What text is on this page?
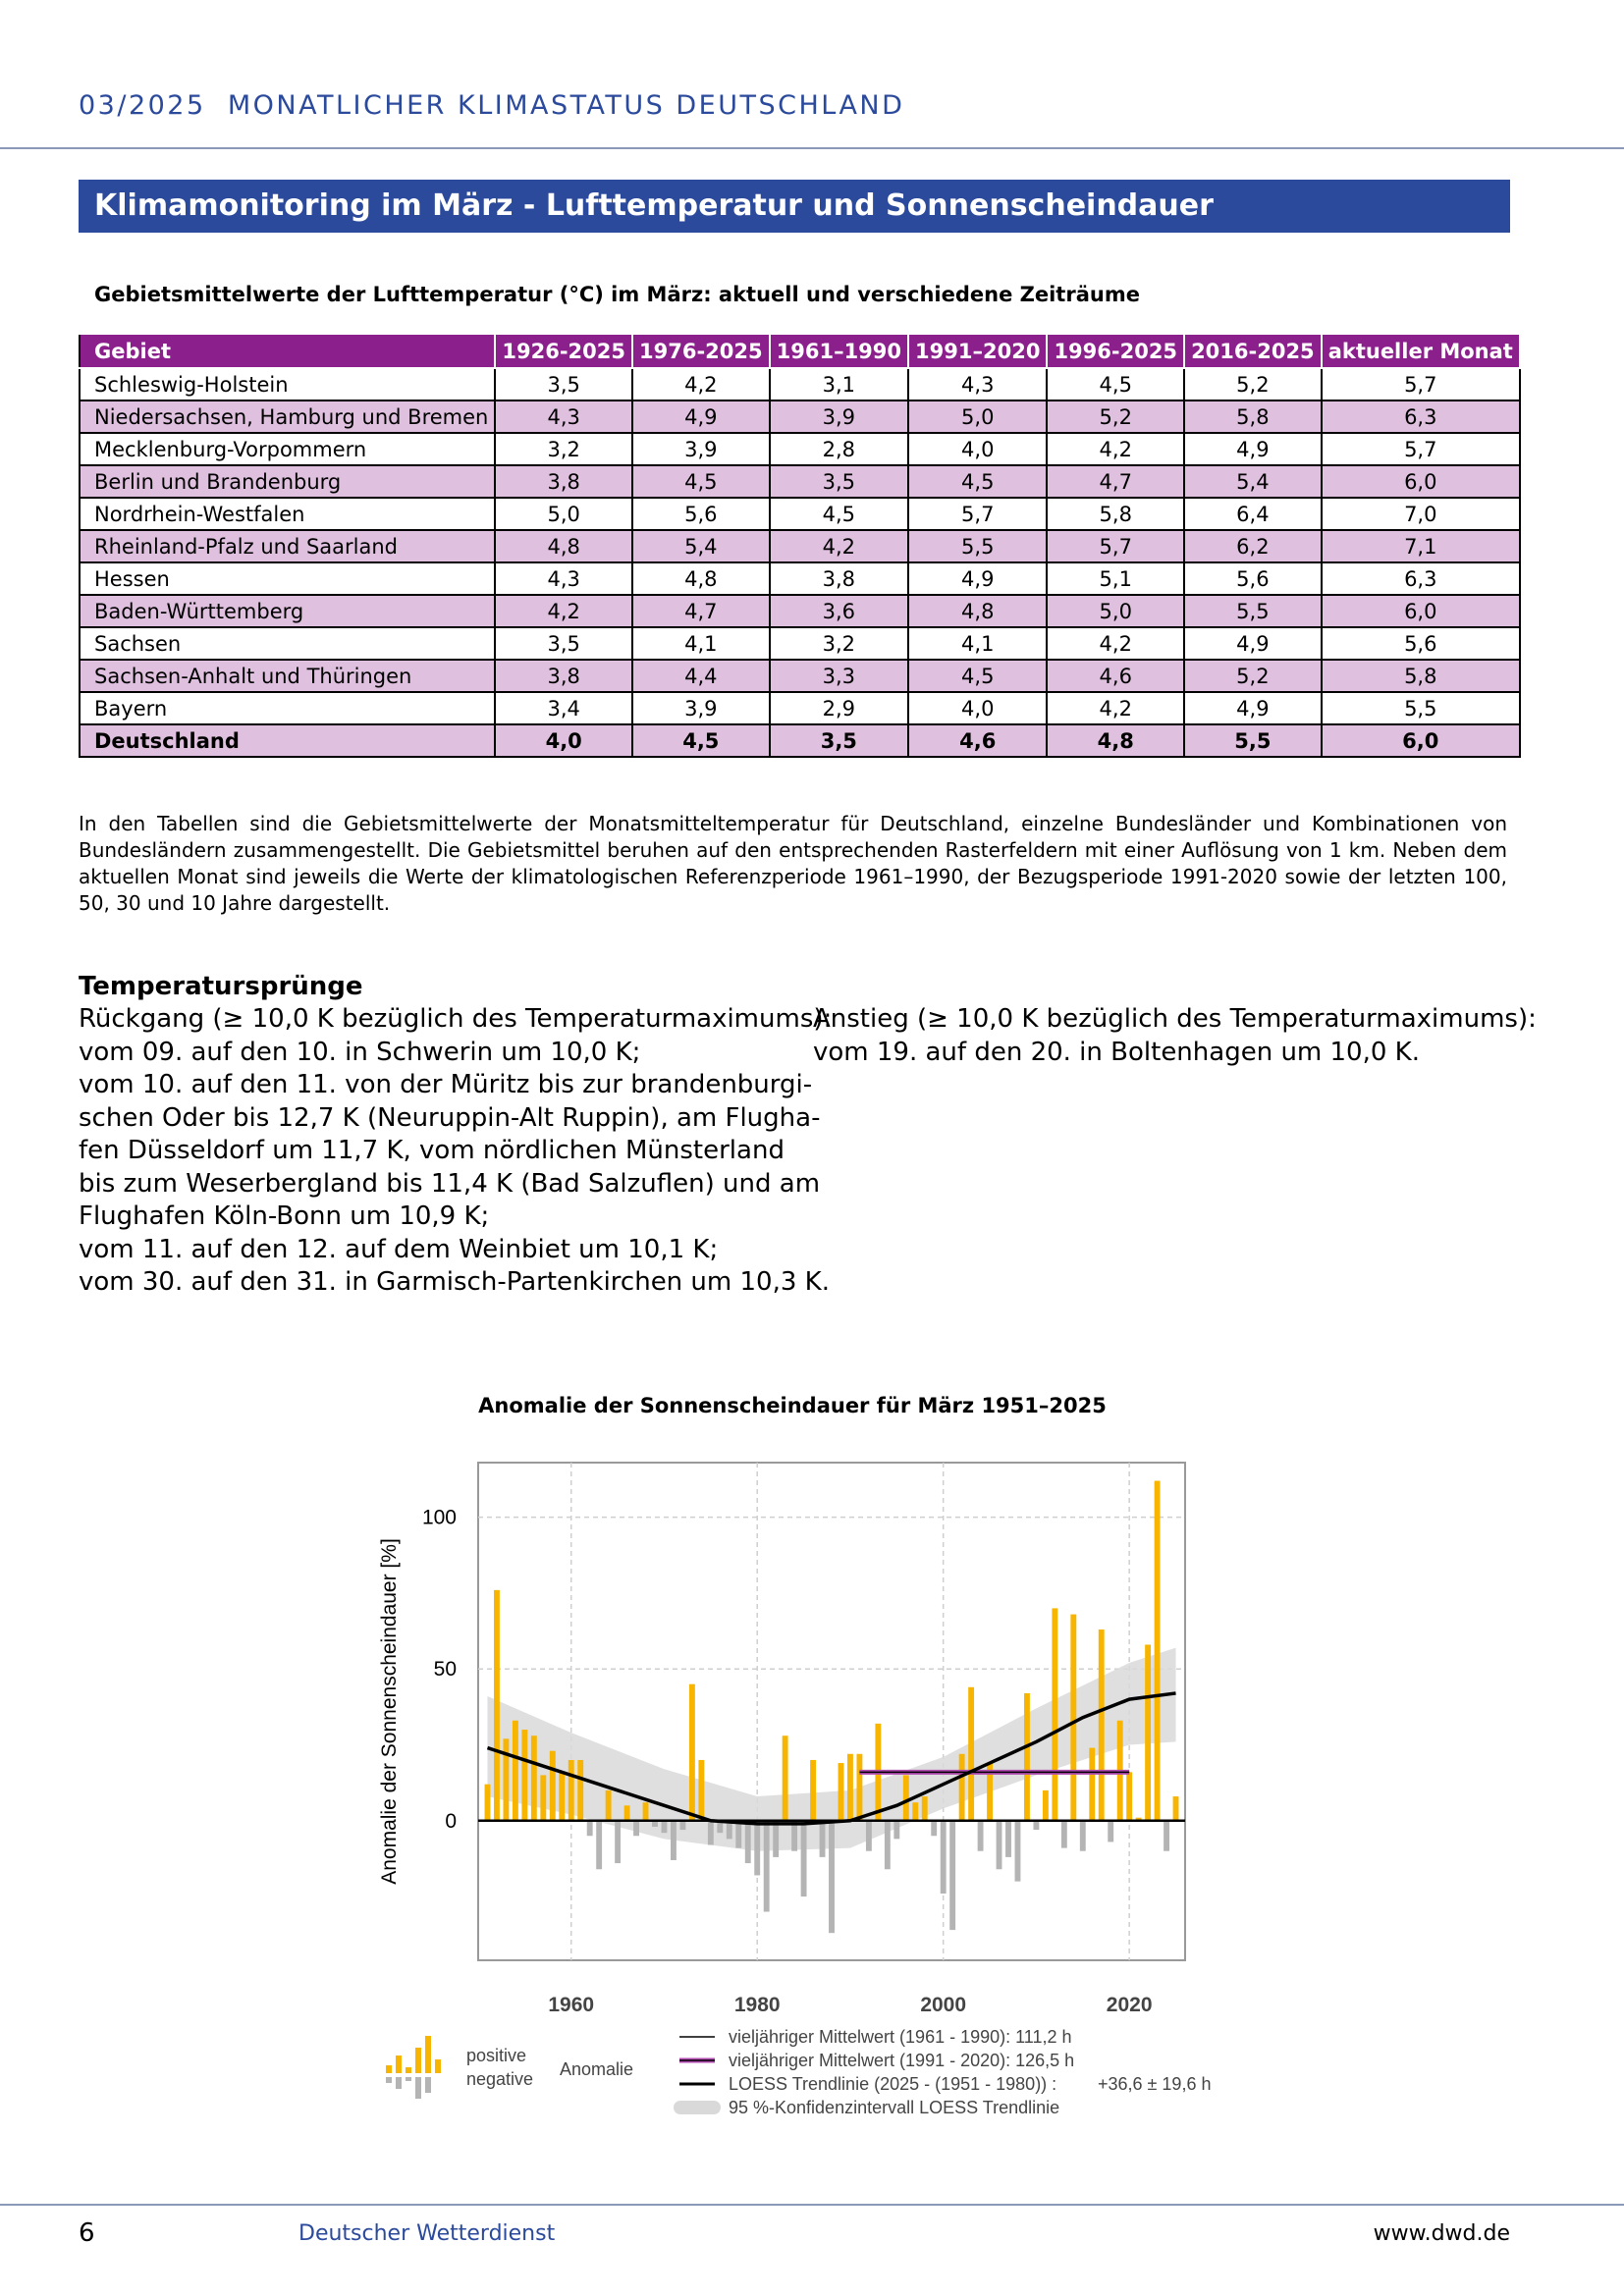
03/2025 MONATLICHER KLIMASTATUS DEUTSCHLAND
Klimamonitoring im März - Lufttemperatur und Sonnenscheindauer
Gebietsmittelwerte der Lufttemperatur (°C) im März: aktuell und verschiedene Zeiträume
Gebiet	1926-2025	1976-2025	1961–1990	1991–2020	1996-2025	2016-2025	aktueller Monat
Schleswig-Holstein	3,5	4,2	3,1	4,3	4,5	5,2	5,7
Niedersachsen, Hamburg und Bremen	4,3	4,9	3,9	5,0	5,2	5,8	6,3
Mecklenburg-Vorpommern	3,2	3,9	2,8	4,0	4,2	4,9	5,7
Berlin und Brandenburg	3,8	4,5	3,5	4,5	4,7	5,4	6,0
Nordrhein-Westfalen	5,0	5,6	4,5	5,7	5,8	6,4	7,0
Rheinland-Pfalz und Saarland	4,8	5,4	4,2	5,5	5,7	6,2	7,1
Hessen	4,3	4,8	3,8	4,9	5,1	5,6	6,3
Baden-Württemberg	4,2	4,7	3,6	4,8	5,0	5,5	6,0
Sachsen	3,5	4,1	3,2	4,1	4,2	4,9	5,6
Sachsen-Anhalt und Thüringen	3,8	4,4	3,3	4,5	4,6	5,2	5,8
Bayern	3,4	3,9	2,9	4,0	4,2	4,9	5,5
Deutschland	4,0	4,5	3,5	4,6	4,8	5,5	6,0
In den Tabellen sind die Gebietsmittelwerte der Monatsmitteltemperatur für Deutschland, einzelne Bundesländer und Kombinationen von Bundesländern zusammengestellt. Die Gebietsmittel beruhen auf den entsprechenden Rasterfeldern mit einer Auflösung von 1 km. Neben dem aktuellen Monat sind jeweils die Werte der klimatologischen Referenzperiode 1961–1990, der Bezugsperiode 1991-2020 sowie der letzten 100, 50, 30 und 10 Jahre dargestellt.
Temperatursprünge
Rückgang (≥ 10,0 K bezüglich des Temperaturmaximums):
vom 09. auf den 10. in Schwerin um 10,0 K;
vom 10. auf den 11. von der Müritz bis zur brandenburgi-
schen Oder bis 12,7 K (Neuruppin-Alt Ruppin), am Flugha-
fen Düsseldorf um 11,7 K, vom nördlichen Münsterland
bis zum Weserbergland bis 11,4 K (Bad Salzuflen) und am
Flughafen Köln-Bonn um 10,9 K;
vom 11. auf den 12. auf dem Weinbiet um 10,1 K;
vom 30. auf den 31. in Garmisch-Partenkirchen um 10,3 K.
Anstieg (≥ 10,0 K bezüglich des Temperaturmaximums):
vom 19. auf den 20. in Boltenhagen um 10,0 K.
Anomalie der Sonnenscheindauer für März 1951–2025
0
50
100
1960	1980	2000	2020
Anomalie der Sonnenscheindauer [%]
positive
negative Anomalie
vieljähriger Mittelwert (1961 - 1990): 111,2 h
vieljähriger Mittelwert (1991 - 2020): 126,5 h
LOESS Trendlinie (2025 - (1951 - 1980)) :
95 %-Konfidenzintervall LOESS Trendlinie
+36,6 ± 19,6 h
6	Deutscher Wetterdienst	www.dwd.de
